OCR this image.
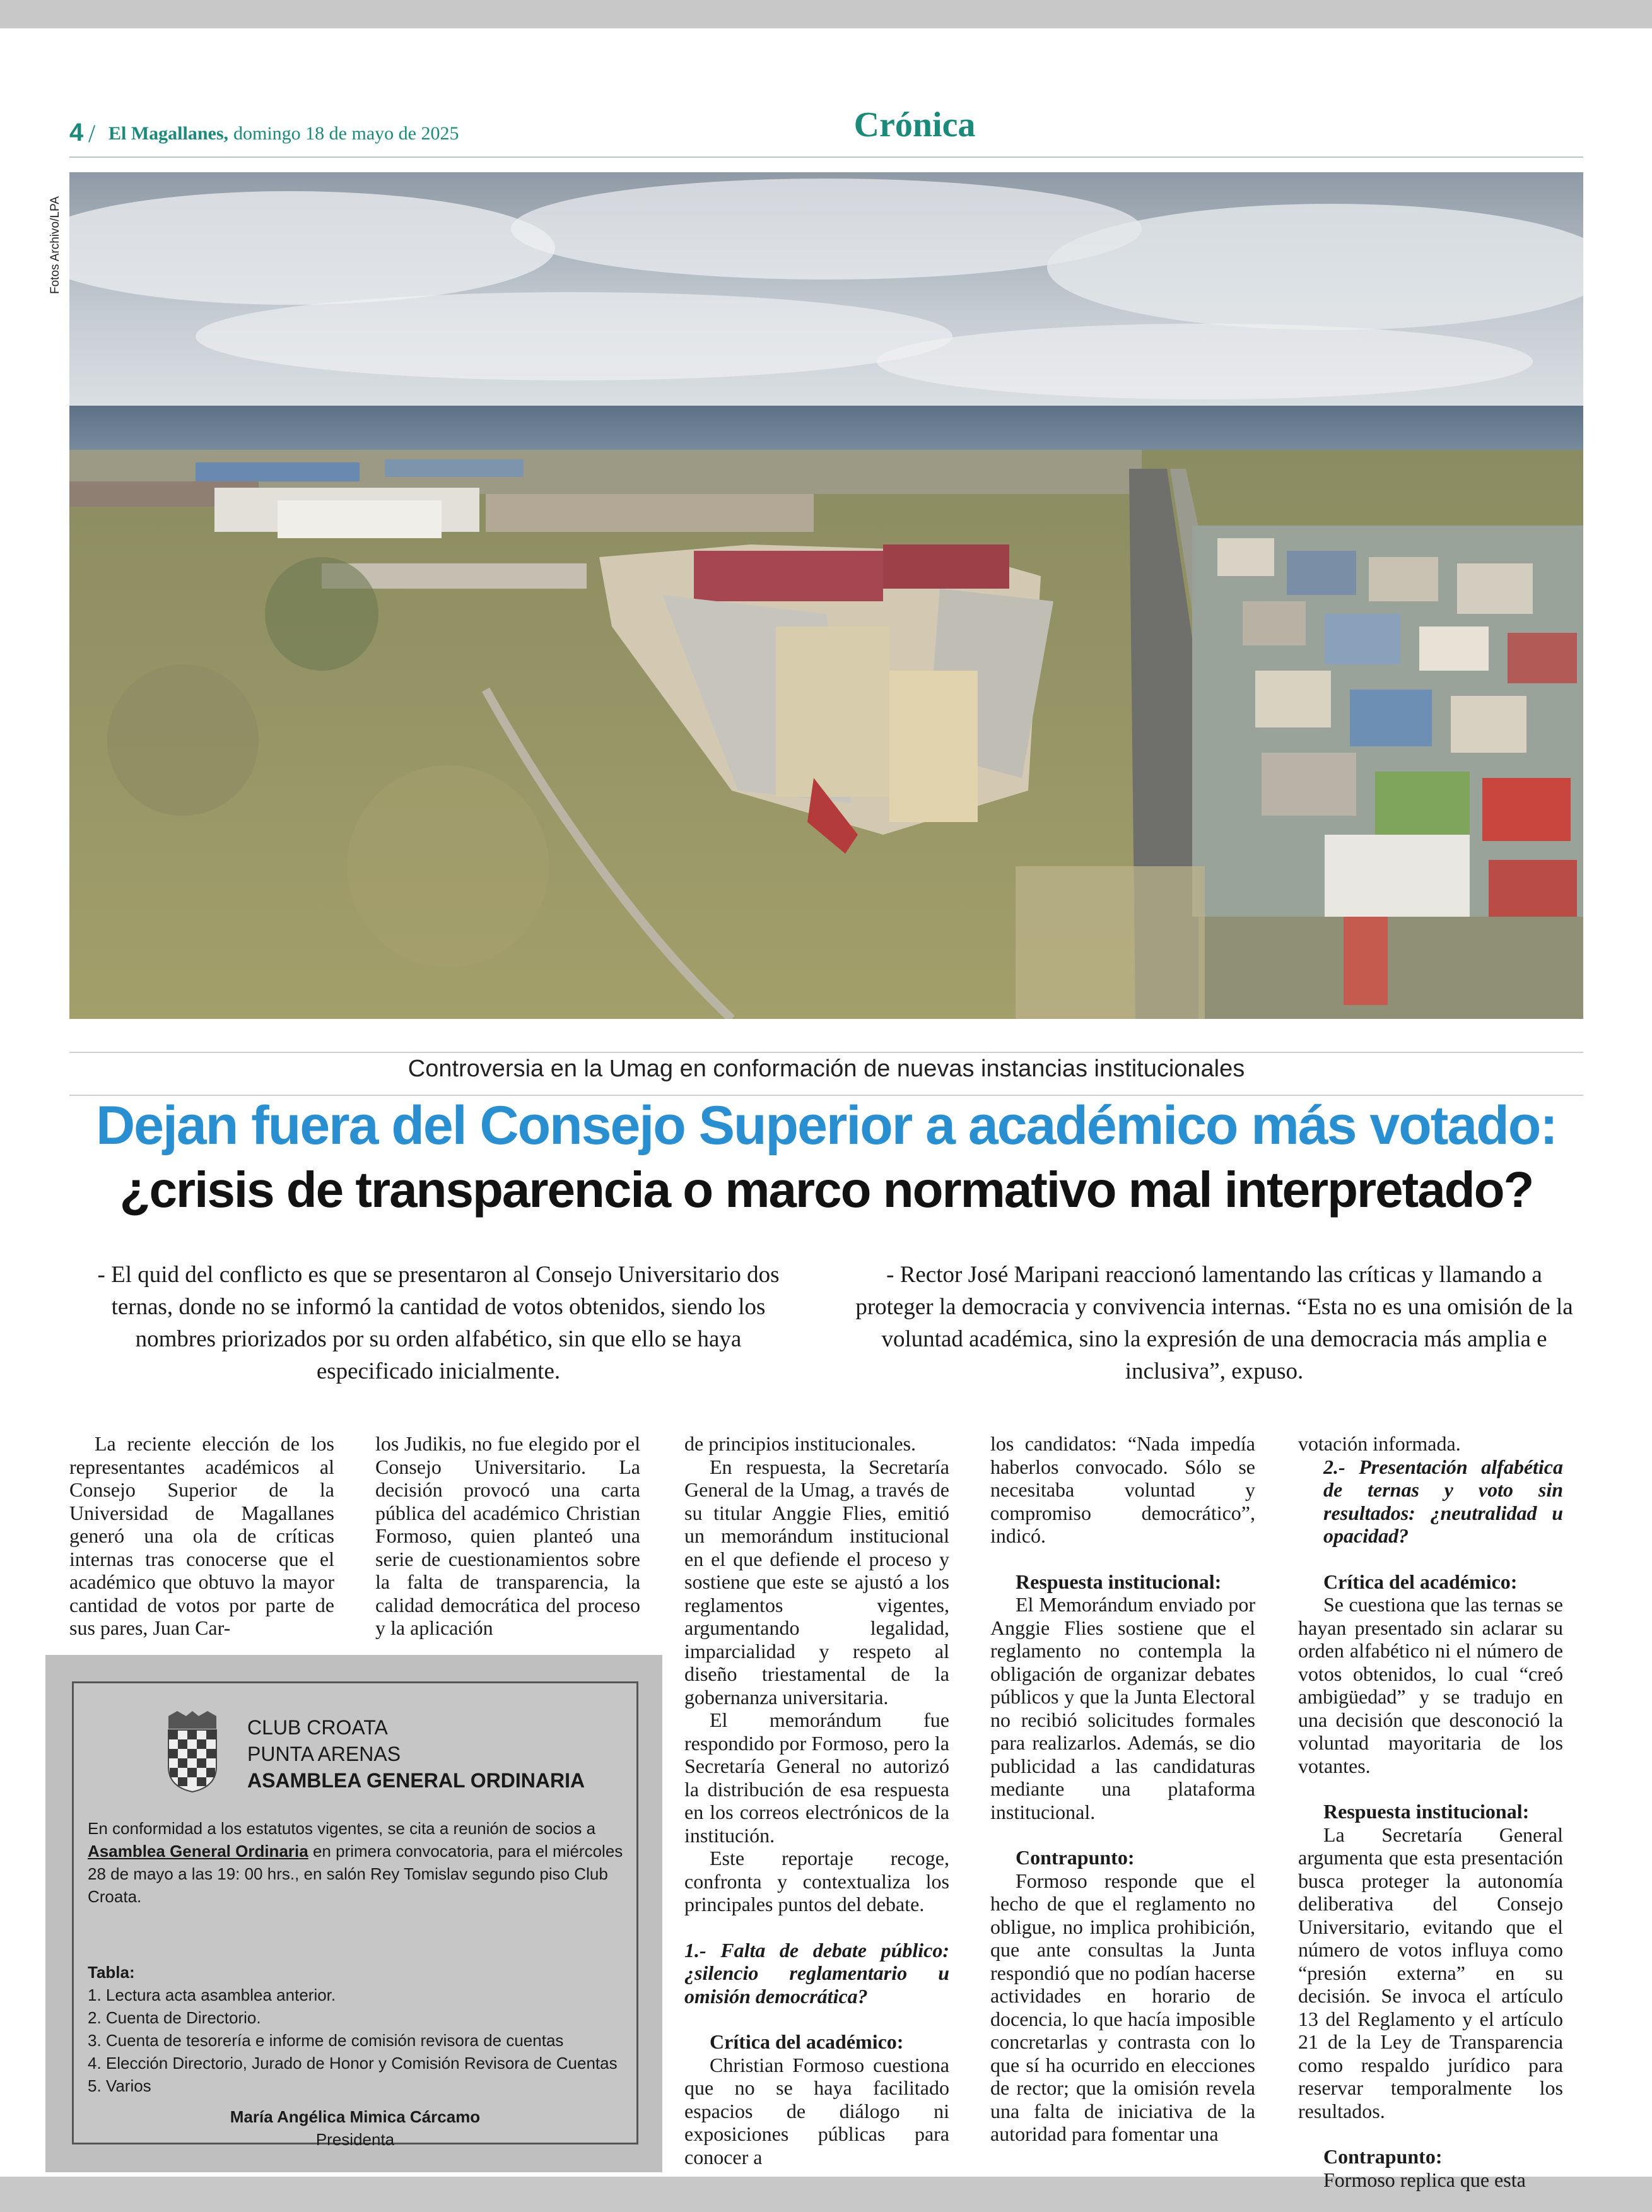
4 / El Magallanes, domingo 18 de mayo de 2025	Crónica
Fotos Archivo/LPA
Controversia en la Umag en conformación de nuevas instancias institucionales
Dejan fuera del Consejo Superior a académico más votado:
¿crisis de transparencia o marco normativo mal interpretado?
- El quid del conflicto es que se presentaron al Consejo Universitario dos ternas, donde no se informó la cantidad de votos obtenidos, siendo los nombres priorizados por su orden alfabético, sin que ello se haya especificado inicialmente.
- Rector José Maripani reaccionó lamentando las críticas y llamando a proteger la democracia y convivencia internas. “Esta no es una omisión de la voluntad académica, sino la expresión de una democracia más amplia e inclusiva”, expuso.

La reciente elección de los representantes académicos al Consejo Superior de la Universidad de Magallanes generó una ola de críticas internas tras conocerse que el académico que obtuvo la mayor cantidad de votos por parte de sus pares, Juan Car-

los Judikis, no fue elegido por el Consejo Universitario. La decisión provocó una carta pública del académico Christian Formoso, quien planteó una serie de cuestionamientos sobre la falta de transparencia, la calidad democrática del proceso y la aplicación

de principios institucionales.

En respuesta, la Secretaría General de la Umag, a través de su titular Anggie Flies, emitió un memorándum institucional en el que defiende el proceso y sostiene que este se ajustó a los reglamentos vigentes, argumentando legalidad, imparcialidad y respeto al diseño triestamental de la gobernanza universitaria.

El memorándum fue respondido por Formoso, pero la Secretaría General no autorizó la distribución de esa respuesta en los correos electrónicos de la institución.

Este reportaje recoge, confronta y contextualiza los principales puntos del debate.

1.- Falta de debate público: ¿silencio reglamentario u omisión democrática?

Crítica del académico:

Christian Formoso cuestiona que no se haya facilitado espacios de diálogo ni exposiciones públicas para conocer a

los candidatos: “Nada impedía haberlos convocado. Sólo se necesitaba voluntad y compromiso democrático”, indicó.

Respuesta institucional:

El Memorándum enviado por Anggie Flies sostiene que el reglamento no contempla la obligación de organizar debates públicos y que la Junta Electoral no recibió solicitudes formales para realizarlos. Además, se dio publicidad a las candidaturas mediante una plataforma institucional.

Contrapunto:

Formoso responde que el hecho de que el reglamento no obligue, no implica prohibición, que ante consultas la Junta respondió que no podían hacerse actividades en horario de docencia, lo que hacía imposible concretarlas y contrasta con lo que sí ha ocurrido en elecciones de rector; que la omisión revela una falta de iniciativa de la autoridad para fomentar una

votación informada.

2.- Presentación alfabética de ternas y voto sin resultados: ¿neutralidad u opacidad?

Crítica del académico:

Se cuestiona que las ternas se hayan presentado sin aclarar su orden alfabético ni el número de votos obtenidos, lo cual “creó ambigüedad” y se tradujo en una decisión que desconoció la voluntad mayoritaria de los votantes.

Respuesta institucional:

La Secretaría General argumenta que esta presentación busca proteger la autonomía deliberativa del Consejo Universitario, evitando que el número de votos influya como “presión externa” en su decisión. Se invoca el artículo 13 del Reglamento y el artículo 21 de la Ley de Transparencia como respaldo jurídico para reservar temporalmente los resultados.

Contrapunto:

Formoso replica que esta

CLUB CROATA
PUNTA ARENAS
ASAMBLEA GENERAL ORDINARIA
En conformidad a los estatutos vigentes, se cita a reunión de socios a Asamblea General Ordinaria en primera convocatoria, para el miércoles 28 de mayo a las 19: 00 hrs., en salón Rey Tomislav segundo piso Club Croata.
Tabla:
1. Lectura acta asamblea anterior.
2. Cuenta de Directorio.
3. Cuenta de tesorería e informe de comisión revisora de cuentas
4. Elección Directorio, Jurado de Honor y Comisión Revisora de Cuentas
5. Varios
María Angélica Mimica Cárcamo
Presidenta
